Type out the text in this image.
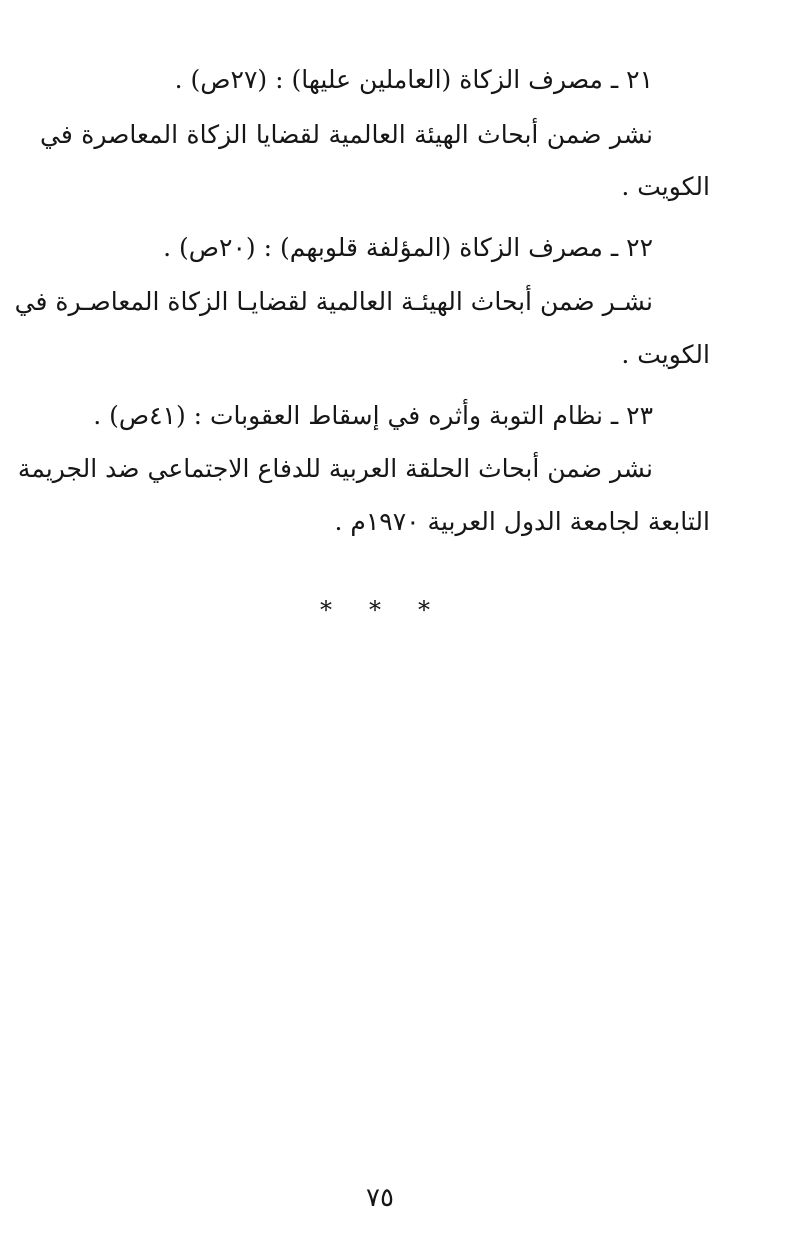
٢١ ـ مصرف الزكاة (العاملين عليها) : (٢٧ص) .
نشر ضمن أبحاث الهيئة العالمية لقضايا الزكاة المعاصرة في
الكويت .
٢٢ ـ مصرف الزكاة (المؤلفة قلوبهم) : (٢٠ص) .
نشـر ضمن أبحاث الهيئـة العالمية لقضايـا الزكاة المعاصـرة في
الكويت .
٢٣ ـ نظام التوبة وأثره في إسقاط العقوبات : (٤١ص) .
نشر ضمن أبحاث الحلقة العربية للدفاع الاجتماعي ضد الجريمة
التابعة لجامعة الدول العربية ١٩٧٠م .
* * *
٧٥
